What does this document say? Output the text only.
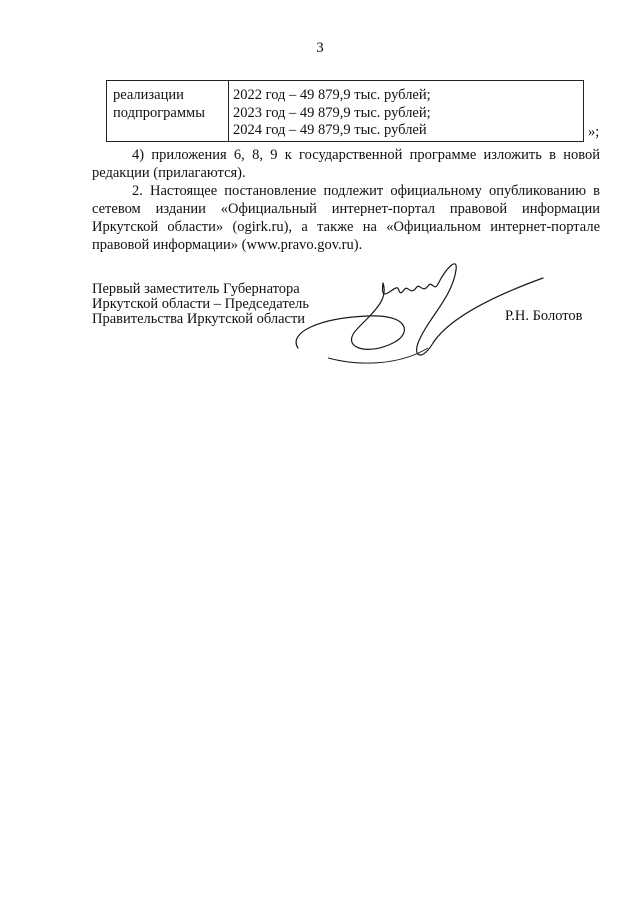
3
реализации
подпрограммы
2022 год – 49 879,9 тыс. рублей;
2023 год – 49 879,9 тыс. рублей;
2024 год – 49 879,9 тыс. рублей	»;
4) приложения 6, 8, 9 к государственной программе изложить в новой редакции (прилагаются).
2. Настоящее постановление подлежит официальному опубликованию в сетевом издании «Официальный интернет-портал правовой информации Иркутской области» (ogirk.ru), а также на «Официальном интернет-портале правовой информации» (www.pravo.gov.ru).
Первый заместитель Губернатора
Иркутской области – Председатель
Правительства Иркутской области	Р.Н. Болотов
